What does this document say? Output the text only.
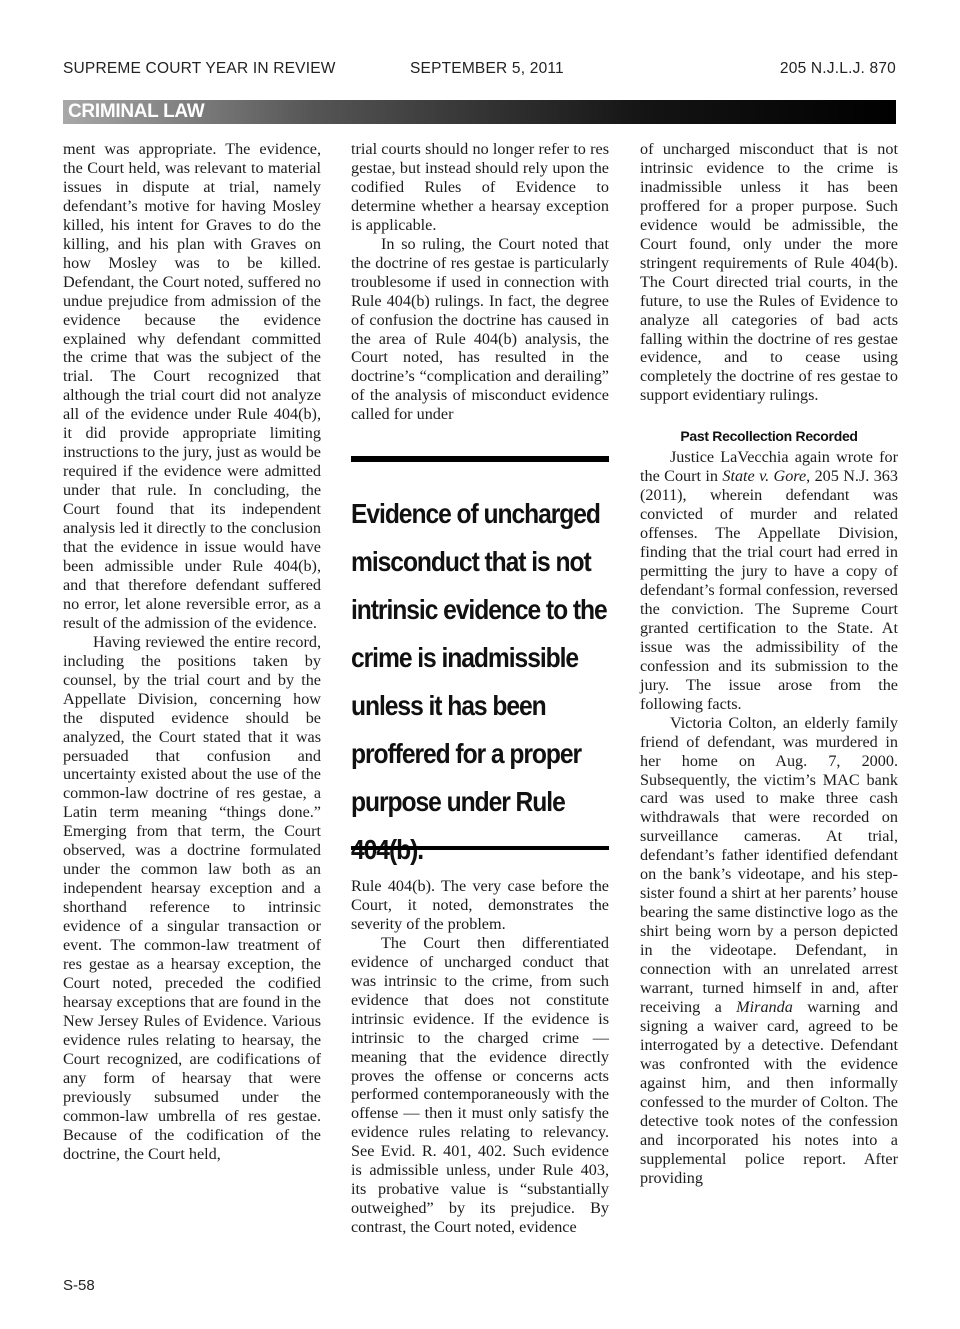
SUPREME COURT YEAR IN REVIEW	SEPTEMBER 5, 2011	205 N.J.L.J. 870
CRIMINAL LAW

ment was appropriate. The evidence, the Court held, was relevant to material issues in dispute at trial, namely defendant’s motive for having Mosley killed, his intent for Graves to do the killing, and his plan with Graves on how Mosley was to be killed. Defendant, the Court noted, suffered no undue prejudice from admission of the evidence because the evidence explained why defendant committed the crime that was the subject of the trial. The Court recognized that although the trial court did not analyze all of the evidence under Rule 404(b), it did provide appropriate limiting instructions to the jury, just as would be required if the evidence were admitted under that rule. In concluding, the Court found that its independent analysis led it directly to the conclusion that the evidence in issue would have been admissible under Rule 404(b), and that therefore defendant suffered no error, let alone reversible error, as a result of the admission of the evidence.

Having reviewed the entire record, including the positions taken by counsel, by the trial court and by the Appellate Division, concerning how the disputed evidence should be analyzed, the Court stated that it was persuaded that confusion and uncertainty existed about the use of the common-law doctrine of res gestae, a Latin term meaning “things done.” Emerging from that term, the Court observed, was a doctrine formulated under the common law both as an independent hearsay exception and a shorthand reference to intrinsic evidence of a singular transaction or event. The common-law treatment of res gestae as a hearsay exception, the Court noted, preceded the codified hearsay exceptions that are found in the New Jersey Rules of Evidence. Various evidence rules relating to hearsay, the Court recognized, are codifications of any form of hearsay that were previously subsumed under the common-law umbrella of res gestae. Because of the codification of the doctrine, the Court held,

trial courts should no longer refer to res gestae, but instead should rely upon the codified Rules of Evidence to determine whether a hearsay exception is applicable.

In so ruling, the Court noted that the doctrine of res gestae is particularly troublesome if used in connection with Rule 404(b) rulings. In fact, the degree of confusion the doctrine has caused in the area of Rule 404(b) analysis, the Court noted, has resulted in the doctrine’s “complication and derailing” of the analysis of misconduct evidence called for under

Evidence of uncharged misconduct that is not intrinsic evidence to the crime is inadmissible unless it has been proffered for a proper purpose under Rule

Rule 404(b). The very case before the Court, it noted, demonstrates the severity of the problem.

The Court then differentiated evidence of uncharged conduct that was intrinsic to the crime, from such evidence that does not constitute intrinsic evidence. If the evidence is intrinsic to the charged crime — meaning that the evidence directly proves the offense or concerns acts performed contemporaneously with the offense — then it must only satisfy the evidence rules relating to relevancy. See Evid. R. 401, 402. Such evidence is admissible unless, under Rule 403, its probative value is “substantially outweighed” by its prejudice. By contrast, the Court noted, evidence

of uncharged misconduct that is not intrinsic evidence to the crime is inadmissible unless it has been proffered for a proper purpose. Such evidence would be admissible, the Court found, only under the more stringent requirements of Rule 404(b). The Court directed trial courts, in the future, to use the Rules of Evidence to analyze all categories of bad acts falling within the doctrine of res gestae evidence, and to cease using completely the doctrine of res gestae to support evidentiary rulings.

Past Recollection Recorded

Justice LaVecchia again wrote for the Court in State v. Gore, 205 N.J. 363 (2011), wherein defendant was convicted of murder and related offenses. The Appellate Division, finding that the trial court had erred in permitting the jury to have a copy of defendant’s formal confession, reversed the conviction. The Supreme Court granted certification to the State. At issue was the admissibility of the confession and its submission to the jury. The issue arose from the following facts.

Victoria Colton, an elderly family friend of defendant, was murdered in her home on Aug. 7, 2000. Subsequently, the victim’s MAC bank card was used to make three cash withdrawals that were recorded on surveillance cameras. At trial, defendant’s father identified defendant on the bank’s videotape, and his step-sister found a shirt at her parents’ house bearing the same distinctive logo as the shirt being worn by a person depicted in the videotape. Defendant, in connection with an unrelated arrest warrant, turned himself in and, after receiving a Miranda warning and signing a waiver card, agreed to be interrogated by a detective. Defendant was confronted with the evidence against him, and then informally confessed to the murder of Colton. The detective took notes of the confession and incorporated his notes into a supplemental police report. After providing

S-58
